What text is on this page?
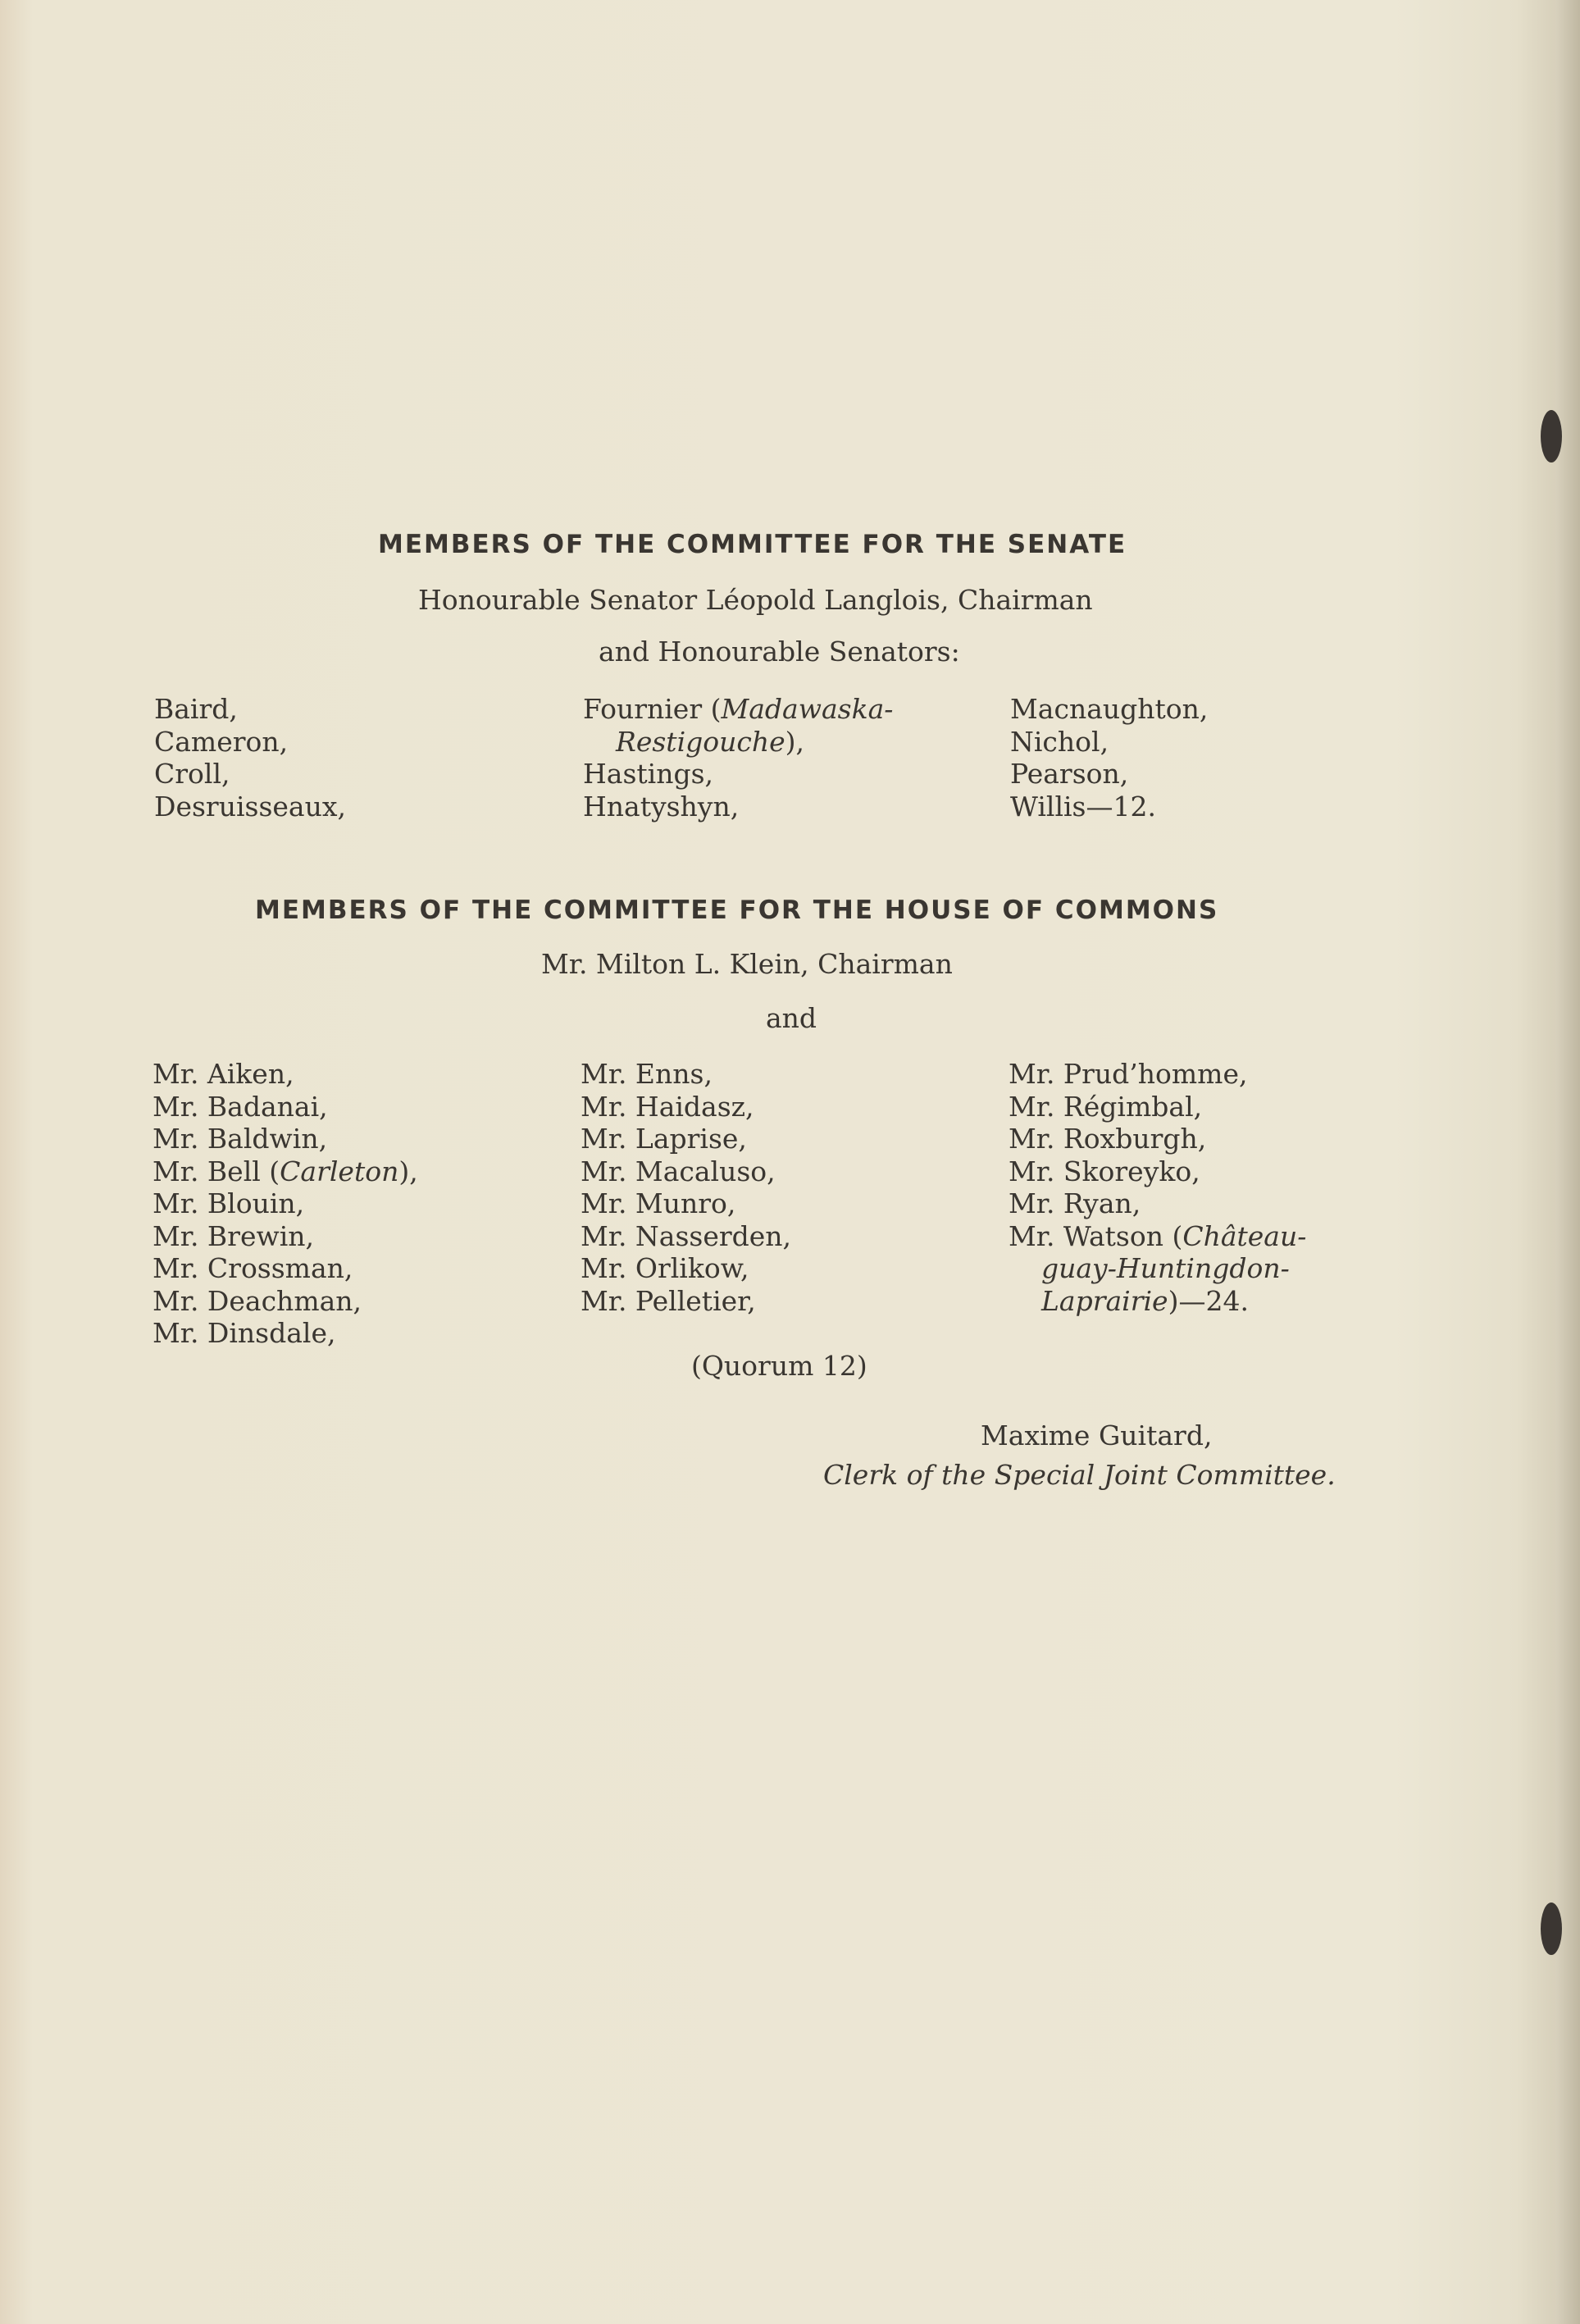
MEMBERS OF THE COMMITTEE FOR THE SENATE
Honourable Senator Léopold Langlois, Chairman
and Honourable Senators:
Baird,
Cameron,
Croll,
Desruisseaux,
Fournier (Madawaska-
Restigouche),
Hastings,
Hnatyshyn,
Macnaughton,
Nichol,
Pearson,
Willis—12.
MEMBERS OF THE COMMITTEE FOR THE HOUSE OF COMMONS
Mr. Milton L. Klein, Chairman
and
Mr. Aiken,
Mr. Badanai,
Mr. Baldwin,
Mr. Bell (Carleton),
Mr. Blouin,
Mr. Brewin,
Mr. Crossman,
Mr. Deachman,
Mr. Dinsdale,
Mr. Enns,
Mr. Haidasz,
Mr. Laprise,
Mr. Macaluso,
Mr. Munro,
Mr. Nasserden,
Mr. Orlikow,
Mr. Pelletier,
Mr. Prud’homme,
Mr. Régimbal,
Mr. Roxburgh,
Mr. Skoreyko,
Mr. Ryan,
Mr. Watson (Château-
guay-Huntingdon-
Laprairie)—24.
(Quorum 12)
Maxime Guitard,
Clerk of the Special Joint Committee.
